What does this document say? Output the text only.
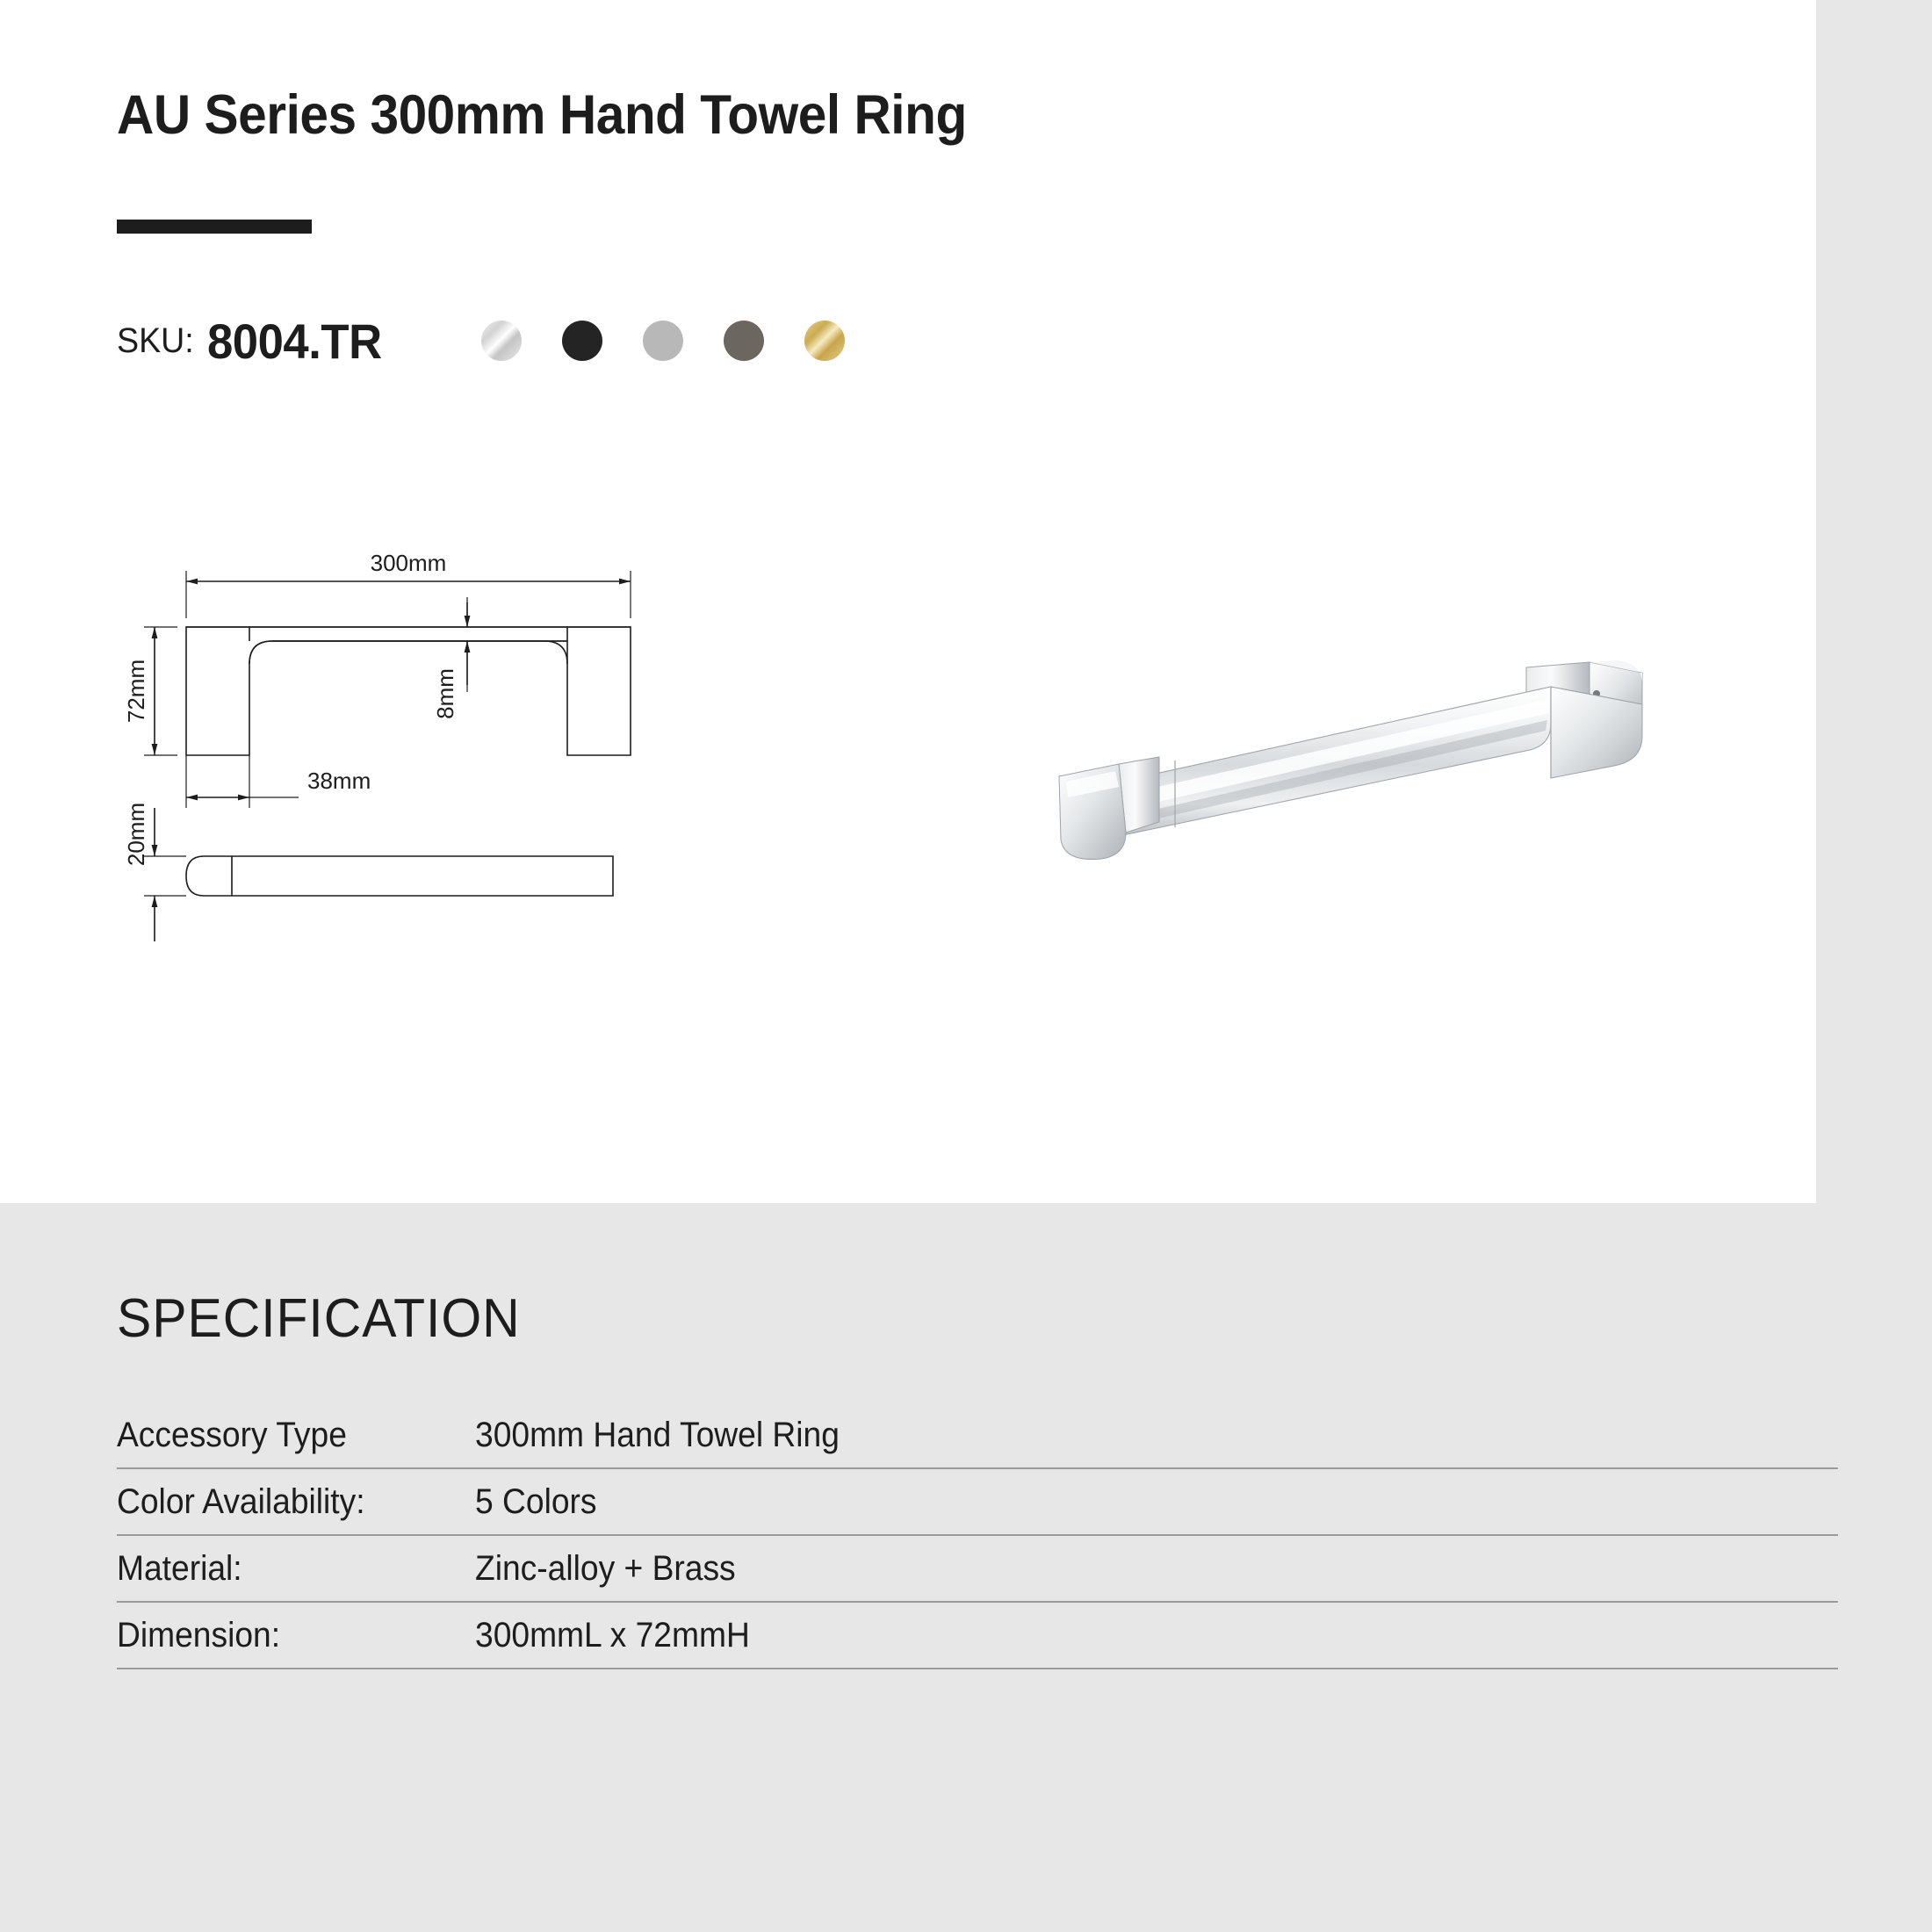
AU Series 300mm Hand Towel Ring
SKU: 8004.TR
300mm
72mm	8mm
38mm
20mm
SPECIFICATION
Accessory Type	300mm Hand Towel Ring
Color Availability:	5 Colors
Material:	Zinc-alloy + Brass
Dimension:	300mmL x 72mmH
